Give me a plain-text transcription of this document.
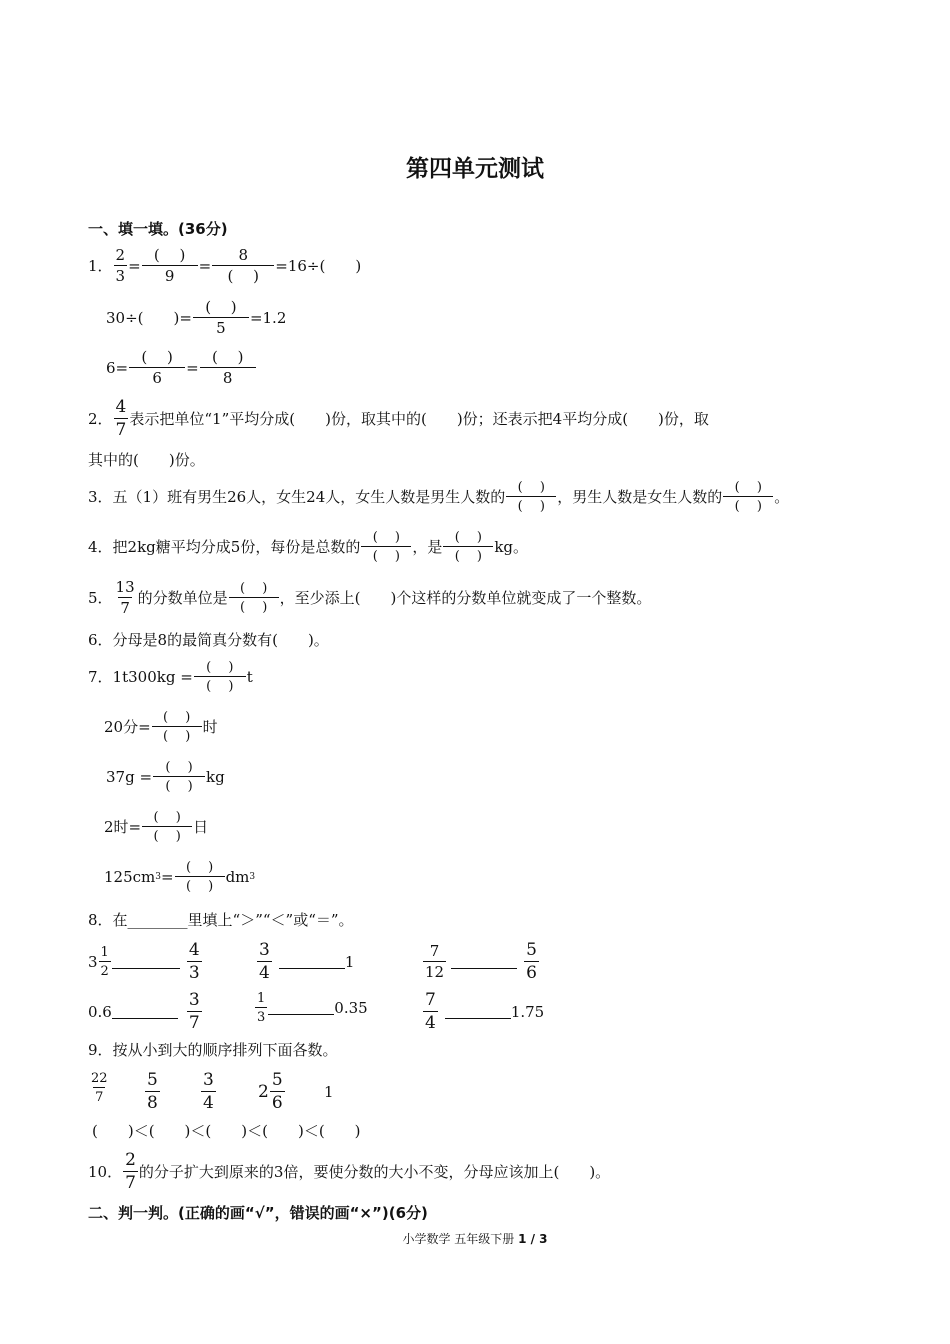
第四单元测试
一、填一填。(36分)
1． $\frac{2}{3} = \frac{( )}{9} = \frac{8}{( )} =16\div$(　　)
30÷(　　)= $\frac{( )}{5} =1.2$
$6= \frac{( )}{6} = \frac{( )}{8}$
2． $\frac{4}{7}$ 表示把单位“1”平均分成(　　)份，取其中的(　　)份；还表示把4平均分成(　　)份，取
其中的(　　)份。
3．五（1）班有男生26人，女生24人，女生人数是男生人数的 $\frac{( )}{( )}$ ，男生人数是女生人数的 $\frac{( )}{( )}$ 。
4．把2kg糖平均分成5份，每份是总数的 $\frac{( )}{( )}$ ，是 $\frac{( )}{( )}$ kg。
5． $\frac{13}{7}$ 的分数单位是 $\frac{( )}{( )}$ ，至少添上(　　)个这样的分数单位就变成了一个整数。
6．分母是8的最简真分数有(　　)。
7．$1t300kg = \frac{( )}{( )}$ t
20分= $\frac{( )}{( )}$ 时
$37g = \frac{( )}{( )}$ kg
2时= $\frac{( )}{( )}$ 日
125cm $3 = \frac{( )}{( )}$ dm 3
8．在________里填上“＞”“＜”或“＝”。
$3 \frac{1}{2}$	$\frac{4}{3}$	$\frac{3}{4}$	1	$\frac{7}{12}$	$\frac{5}{6}$
0.6	$\frac{3}{7}$	$\frac{1}{3}$	0.35	$\frac{7}{4}$	1.75
9．按从小到大的顺序排列下面各数。
$\frac{22}{7} \frac{5}{8} \frac{3}{4} 2 \frac{5}{6}$	1
(　　)＜(　　)＜(　　)＜(　　)＜(　　)
10． $\frac{2}{7}$ 的分子扩大到原来的3倍，要使分数的大小不变，分母应该加上(　　)。
二、判一判。(正确的画“√”，错误的画“×”)(6分)
小学数学 五年级下册 1 / 3
